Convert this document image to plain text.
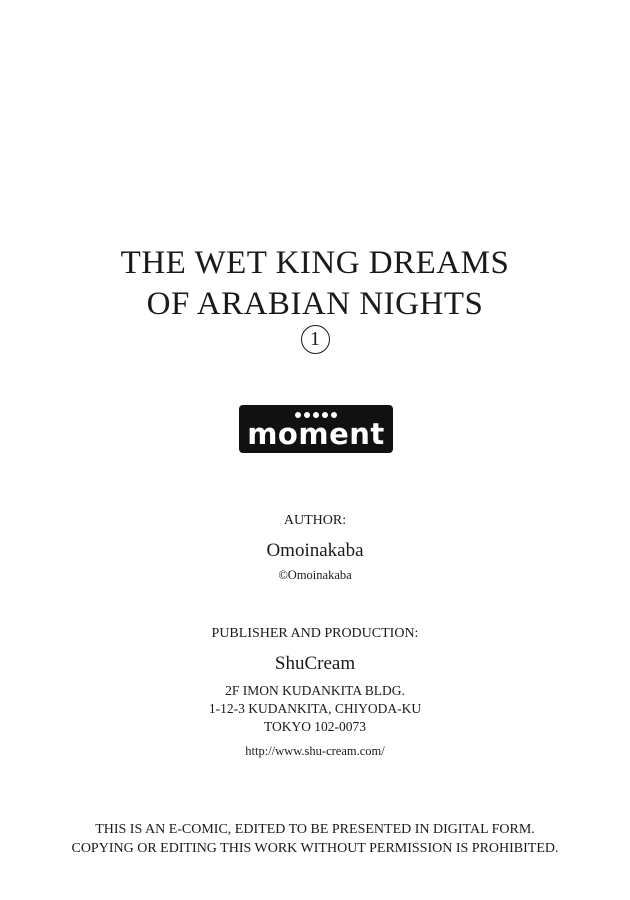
THE WET KING DREAMS
OF ARABIAN NIGHTS
1
moment
AUTHOR:
Omoinakaba
©Omoinakaba
PUBLISHER AND PRODUCTION:
ShuCream
2F IMON KUDANKITA BLDG.
1-12-3 KUDANKITA, CHIYODA-KU
TOKYO 102-0073
http://www.shu-cream.com/
THIS IS AN E-COMIC, EDITED TO BE PRESENTED IN DIGITAL FORM.
COPYING OR EDITING THIS WORK WITHOUT PERMISSION IS PROHIBITED.
